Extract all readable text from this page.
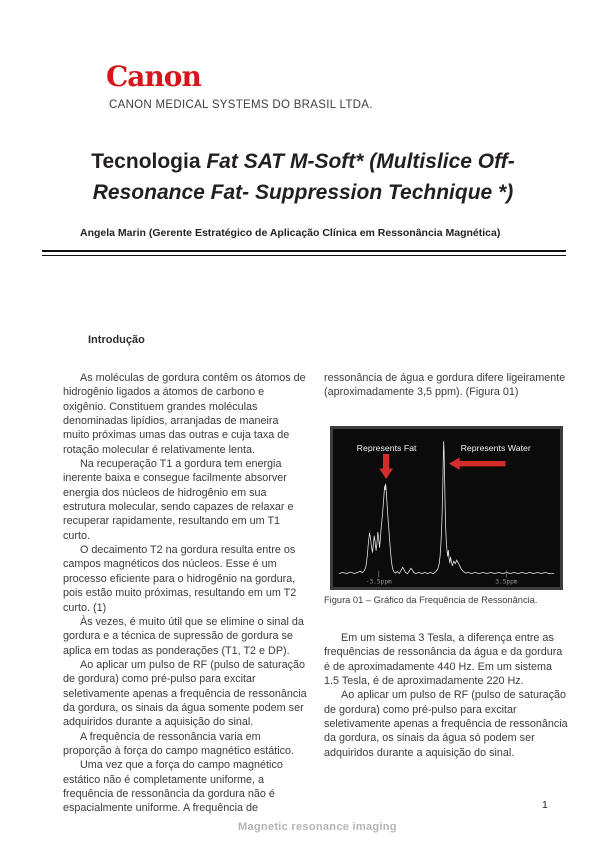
Canon
CANON MEDICAL SYSTEMS DO BRASIL LTDA.
Tecnologia Fat SAT M-Soft* (Multislice Off-
Resonance Fat- Suppression Technique *)
Angela Marin (Gerente Estratégico de Aplicação Clínica em Ressonância Magnética)
Introdução

As moléculas de gordura contêm os átomos de hidrogênio ligados a átomos de carbono e oxigênio. Constituem grandes moléculas denominadas lipídios, arranjadas de maneira muito próximas umas das outras e cuja taxa de rotação molecular é relativamente lenta.

Na recuperação T1 a gordura tem energia inerente baixa e consegue facilmente absorver energia dos núcleos de hidrogênio em sua estrutura molecular, sendo capazes de relaxar e recuperar rapidamente, resultando em um T1 curto.

O decaimento T2 na gordura resulta entre os campos magnéticos dos núcleos. Esse é um processo eficiente para o hidrogênio na gordura, pois estão muito próximas, resultando em um T2 curto. (1)

Às vezes, é muito útil que se elimine o sinal da gordura e a técnica de supressão de gordura se aplica em todas as ponderações (T1, T2 e DP).

Ao aplicar um pulso de RF (pulso de saturação de gordura) como pré-pulso para excitar seletivamente apenas a frequência de ressonância da gordura, os sinais da água somente podem ser adquiridos durante a aquisição do sinal.

A frequência de ressonância varia em proporção à força do campo magnético estático.

Uma vez que a força do campo magnético estático não é completamente uniforme, a frequência de ressonância da gordura não é espacialmente uniforme. A frequência de

ressonância de água e gordura difere ligeiramente (aproximadamente 3,5 ppm). (Figura 01)

Represents Fat	Represents Water
-3.5ppm	3.5ppm

Figura 01 – Gráfico da Frequência de Ressonância.

Em um sistema 3 Tesla, a diferença entre as frequências de ressonância da água e da gordura é de aproximadamente 440 Hz. Em um sistema 1.5 Tesla, é de aproximadamente 220 Hz.

Ao aplicar um pulso de RF (pulso de saturação de gordura) como pré-pulso para excitar seletivamente apenas a frequência de ressonância da gordura, os sinais da água só podem ser adquiridos durante a aquisição do sinal.

Magnetic resonance imaging
1
